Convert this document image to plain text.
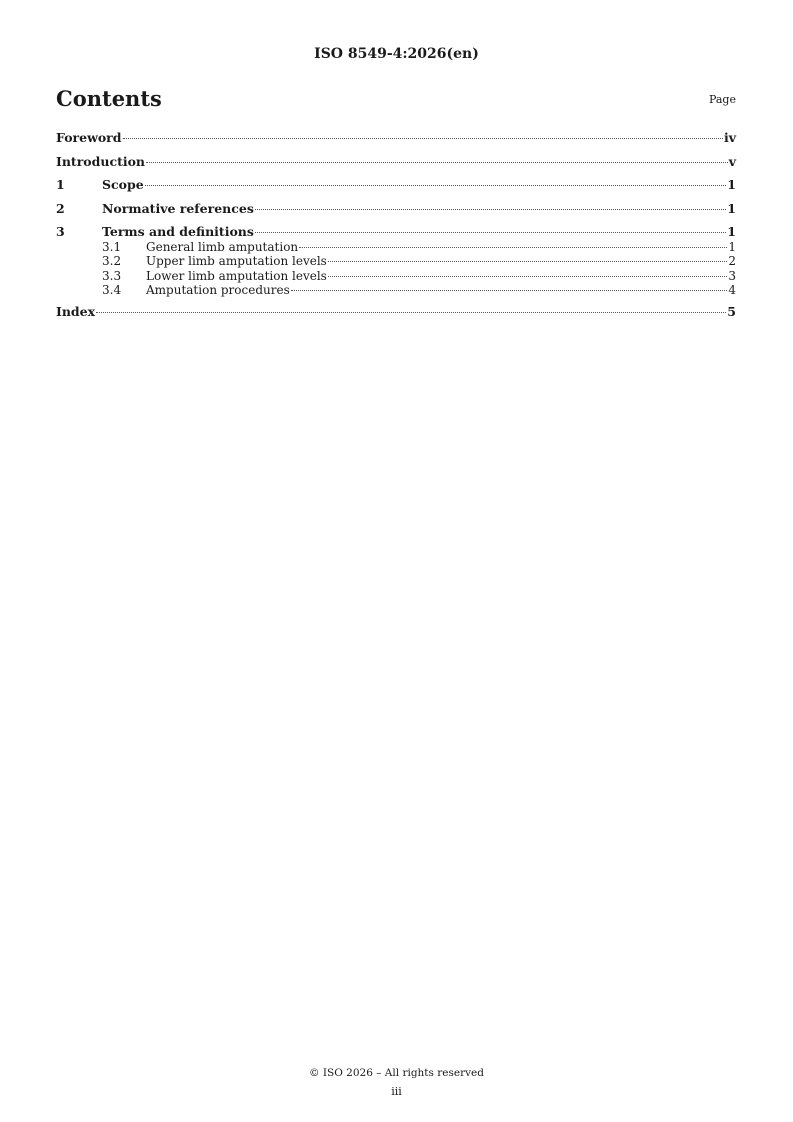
ISO 8549-4:2026(en)
Contents	Page
Foreword	iv
Introduction	v
1	Scope	1
2	Normative references	1
3	Terms and definitions	1
3.1	General limb amputation	1
3.2	Upper limb amputation levels	2
3.3	Lower limb amputation levels	3
3.4	Amputation procedures	4
Index	5
© ISO 2026 – All rights reserved
iii
